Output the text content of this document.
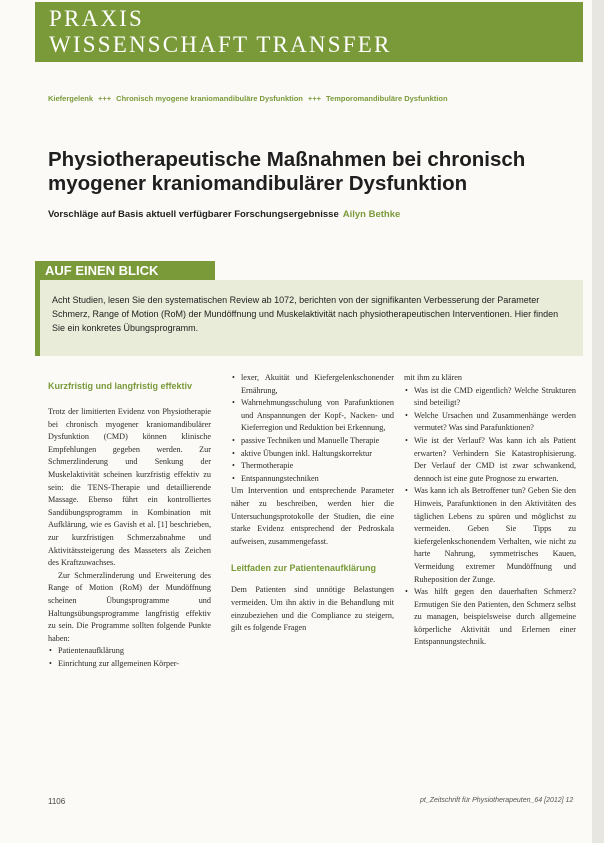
PRAXIS
WISSENSCHAFT TRANSFER
Kiefergelenk +++ Chronisch myogene kraniomandibuläre Dysfunktion +++ Temporomandibuläre Dysfunktion
Physiotherapeutische Maßnahmen bei chronisch myogener kraniomandibulärer Dysfunktion
Vorschläge auf Basis aktuell verfügbarer Forschungsergebnisse Ailyn Bethke
AUF EINEN BLICK
Acht Studien, lesen Sie den systematischen Review ab 1072, berichten von der signifikanten Verbesserung der Parameter Schmerz, Range of Motion (RoM) der Mundöffnung und Muskelaktivität nach physiotherapeutischen Interventionen. Hier finden Sie ein konkretes Übungsprogramm.
Kurzfristig und langfristig effektiv

Trotz der limitierten Evidenz von Physiotherapie bei chronisch myogener kraniomandibulärer Dysfunktion (CMD) können klinische Empfehlungen gegeben werden. Zur Schmerzlinderung und Senkung der Muskelaktivität scheinen kurzfristig effektiv zu sein: die TENS-Therapie und detaillierende Massage. Ebenso führt ein kontrolliertes Sandübungsprogramm in Kombination mit Aufklärung, wie es Gavish et al. [1] beschrieben, zur kurzfristigen Schmerzabnahme und Aktivitätssteigerung des Masseters als Zeichen des Kraftzuwachses.

Zur Schmerzlinderung und Erweiterung des Range of Motion (RoM) der Mundöffnung scheinen Übungsprogramme und Haltungsübungsprogramme langfristig effektiv zu sein. Die Programme sollten folgende Punkte haben:

• Patientenaufklärung
• Einrichtung zur allgemeinen Körper-
• lexer, Akuität und Kiefergelenkschonender Ernährung,
• Wahrnehmungsschulung von Parafunktionen und Anspannungen der Kopf-, Nacken- und Kieferregion und Reduktion bei Erkennung,
• passive Techniken und Manuelle Therapie
• aktive Übungen inkl. Haltungskorrektur
• Thermotherapie
• Entspannungstechniken

Um Intervention und entsprechende Parameter näher zu beschreiben, werden hier die Untersuchungsprotokolle der Studien, die eine starke Evidenz entsprechend der Pedroskala aufweisen, zusammengefasst.

Leitfaden zur Patientenaufklärung

Dem Patienten sind unnötige Belastungen vermeiden. Um ihn aktiv in die Behandlung mit einzubeziehen und die Compliance zu steigern, gilt es folgende Fragen

mit ihm zu klären

• Was ist die CMD eigentlich? Welche Strukturen sind beteiligt?
• Welche Ursachen und Zusammenhänge werden vermutet? Was sind Parafunktionen?
• Wie ist der Verlauf? Was kann ich als Patient erwarten? Verhindern Sie Katastrophisierung. Der Verlauf der CMD ist zwar schwankend, dennoch ist eine gute Prognose zu erwarten.
• Was kann ich als Betroffener tun? Geben Sie den Hinweis, Parafunktionen in den Aktivitäten des täglichen Lebens zu spüren und möglichst zu vermeiden. Geben Sie Tipps zu kiefergelenkschonendem Verhalten, wie nicht zu harte Nahrung, symmetrisches Kauen, Vermeidung extremer Mundöffnung und Ruheposition der Zunge.
• Was hilft gegen den dauerhaften Schmerz? Ermutigen Sie den Patienten, den Schmerz selbst zu managen, beispielsweise durch allgemeine körperliche Aktivität und Erlernen einer Entspannungstechnik.
1106	pt_Zeitschrift für Physiotherapeuten_64 [2012] 12
